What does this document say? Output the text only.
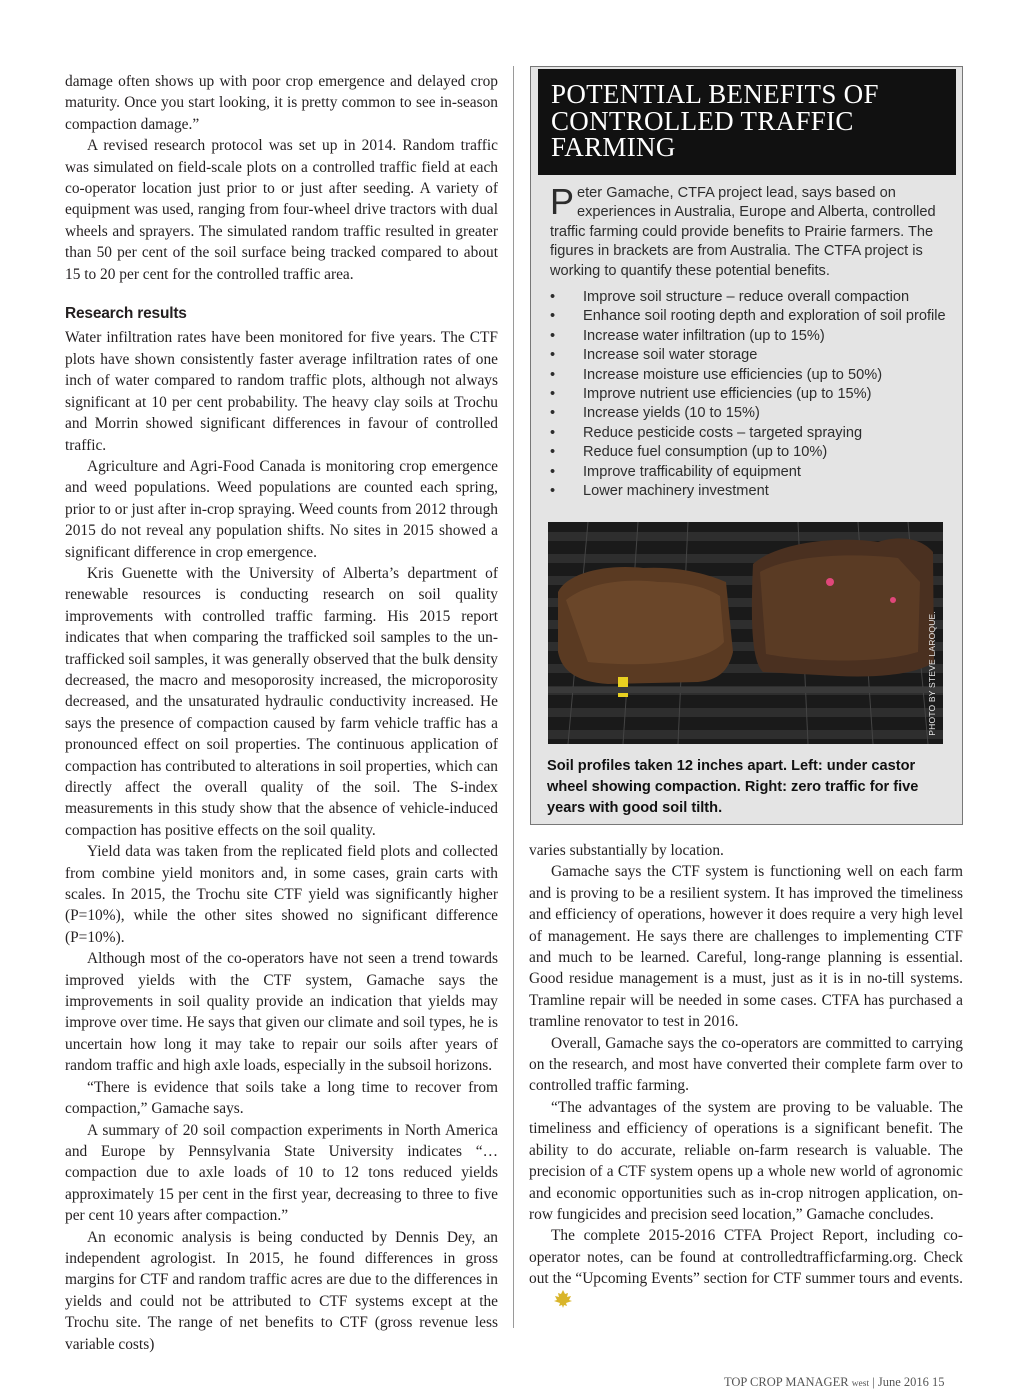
damage often shows up with poor crop emergence and delayed crop maturity. Once you start looking, it is pretty common to see in-season compaction damage.”

A revised research protocol was set up in 2014. Random traffic was simulated on field-scale plots on a controlled traffic field at each co-operator location just prior to or just after seeding. A variety of equipment was used, ranging from four-wheel drive tractors with dual wheels and sprayers. The simulated random traffic resulted in greater than 50 per cent of the soil surface being tracked compared to about 15 to 20 per cent for the controlled traffic area.

Research results

Water infiltration rates have been monitored for five years. The CTF plots have shown consistently faster average infiltration rates of one inch of water compared to random traffic plots, although not always significant at 10 per cent probability. The heavy clay soils at Trochu and Morrin showed significant differences in favour of controlled traffic.

Agriculture and Agri-Food Canada is monitoring crop emergence and weed populations. Weed populations are counted each spring, prior to or just after in-crop spraying. Weed counts from 2012 through 2015 do not reveal any population shifts. No sites in 2015 showed a significant difference in crop emergence.

Kris Guenette with the University of Alberta’s department of renewable resources is conducting research on soil quality improvements with controlled traffic farming. His 2015 report indicates that when comparing the trafficked soil samples to the un-trafficked soil samples, it was generally observed that the bulk density decreased, the macro and mesoporosity increased, the microporosity decreased, and the unsaturated hydraulic conductivity increased. He says the presence of compaction caused by farm vehicle traffic has a pronounced effect on soil properties. The continuous application of compaction has contributed to alterations in soil properties, which can directly affect the overall quality of the soil. The S-index measurements in this study show that the absence of vehicle-induced compaction has positive effects on the soil quality.

Yield data was taken from the replicated field plots and collected from combine yield monitors and, in some cases, grain carts with scales. In 2015, the Trochu site CTF yield was significantly higher (P=10%), while the other sites showed no significant difference (P=10%).

Although most of the co-operators have not seen a trend towards improved yields with the CTF system, Gamache says the improvements in soil quality provide an indication that yields may improve over time. He says that given our climate and soil types, he is uncertain how long it may take to repair our soils after years of random traffic and high axle loads, especially in the subsoil horizons.

“There is evidence that soils take a long time to recover from compaction,” Gamache says.

A summary of 20 soil compaction experiments in North America and Europe by Pennsylvania State University indicates “…compaction due to axle loads of 10 to 12 tons reduced yields approximately 15 per cent in the first year, decreasing to three to five per cent 10 years after compaction.”

An economic analysis is being conducted by Dennis Dey, an independent agrologist. In 2015, he found differences in gross margins for CTF and random traffic acres are due to the differences in yields and could not be attributed to CTF systems except at the Trochu site. The range of net benefits to CTF (gross revenue less variable costs)

POTENTIAL BENEFITS OF CONTROLLED TRAFFIC FARMING
Peter Gamache, CTFA project lead, says based on experiences in Australia, Europe and Alberta, controlled traffic farming could provide benefits to Prairie farmers. The figures in brackets are from Australia. The CTFA project is working to quantify these potential benefits.
• Improve soil structure – reduce overall compaction
• Enhance soil rooting depth and exploration of soil profile
• Increase water infiltration (up to 15%)
• Increase soil water storage
• Increase moisture use efficiencies (up to 50%)
• Improve nutrient use efficiencies (up to 15%)
• Increase yields (10 to 15%)
• Reduce pesticide costs – targeted spraying
• Reduce fuel consumption (up to 10%)
• Improve trafficability of equipment
• Lower machinery investment
PHOTO BY STEVE LAROQUE.
Soil profiles taken 12 inches apart. Left: under castor wheel showing compaction. Right: zero traffic for five years with good soil tilth.

varies substantially by location.

Gamache says the CTF system is functioning well on each farm and is proving to be a resilient system. It has improved the timeliness and efficiency of operations, however it does require a very high level of management. He says there are challenges to implementing CTF and much to be learned. Careful, long-range planning is essential. Good residue management is a must, just as it is in no-till systems. Tramline repair will be needed in some cases. CTFA has purchased a tramline renovator to test in 2016.

Overall, Gamache says the co-operators are committed to carrying on the research, and most have converted their complete farm over to controlled traffic farming.

“The advantages of the system are proving to be valuable. The timeliness and efficiency of operations is a significant benefit. The ability to do accurate, reliable on-farm research is valuable. The precision of a CTF system opens up a whole new world of agronomic and economic opportunities such as in-crop nitrogen application, on-row fungicides and precision seed location,” Gamache concludes.

The complete 2015-2016 CTFA Project Report, including co-operator notes, can be found at controlledtrafficfarming.org. Check out the “Upcoming Events” section for CTF summer tours and events.

TOP CROP MANAGER west | June 2016 15
